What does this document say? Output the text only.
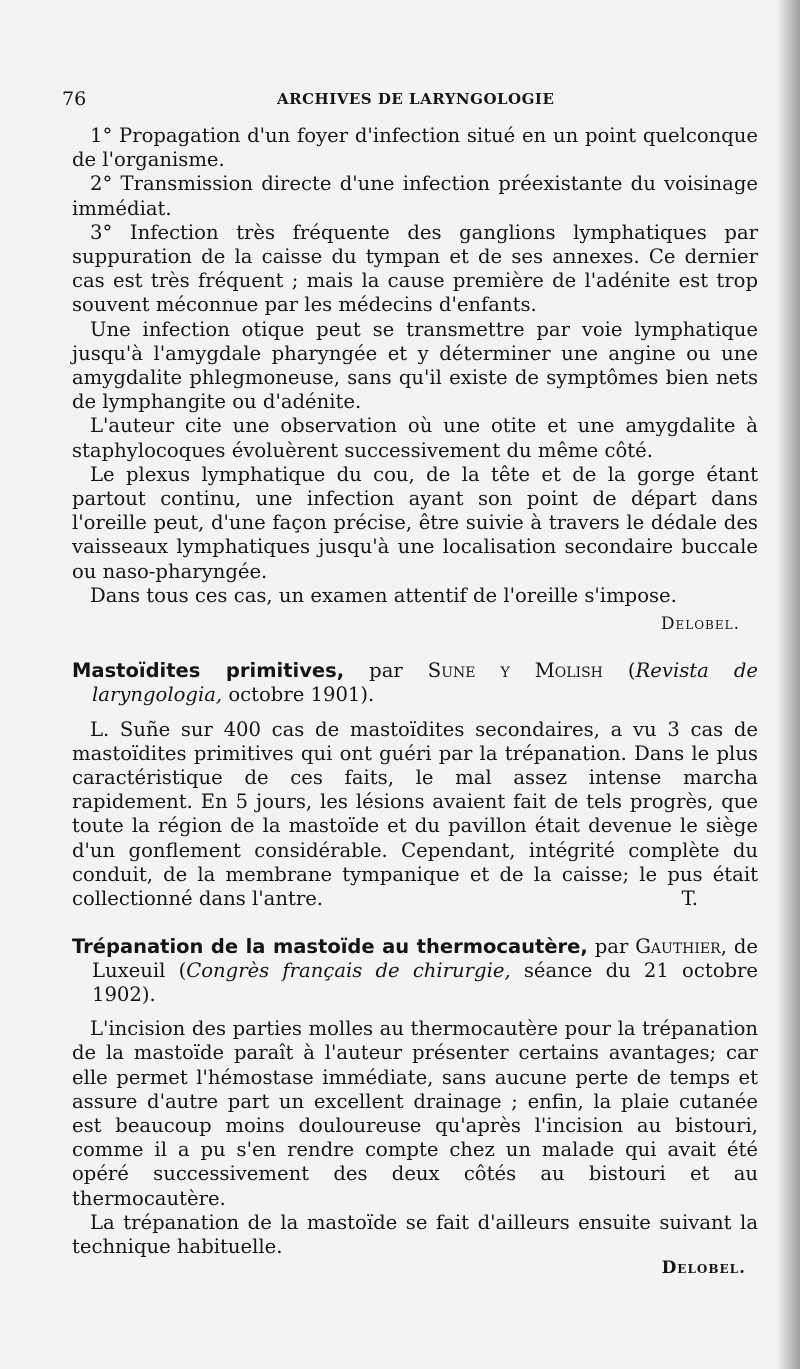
76	ARCHIVES DE LARYNGOLOGIE

1° Propagation d'un foyer d'infection situé en un point quelconque de l'organisme.

2° Transmission directe d'une infection préexistante du voisinage immédiat.

3° Infection très fréquente des ganglions lymphatiques par suppuration de la caisse du tympan et de ses annexes. Ce dernier cas est très fréquent ; mais la cause première de l'adénite est trop souvent méconnue par les médecins d'enfants.

Une infection otique peut se transmettre par voie lymphatique jusqu'à l'amygdale pharyngée et y déterminer une angine ou une amygdalite phlegmoneuse, sans qu'il existe de symptômes bien nets de lymphangite ou d'adénite.

L'auteur cite une observation où une otite et une amygdalite à staphylocoques évoluèrent successivement du même côté.

Le plexus lymphatique du cou, de la tête et de la gorge étant partout continu, une infection ayant son point de départ dans l'oreille peut, d'une façon précise, être suivie à travers le dédale des vaisseaux lymphatiques jusqu'à une localisation secondaire buccale ou naso-pharyngée.

Dans tous ces cas, un examen attentif de l'oreille s'impose.

Delobel.

Mastoïdites primitives, par Sune y Molish (Revista de laryngologia, octobre 1901).

L. Suñe sur 400 cas de mastoïdites secondaires, a vu 3 cas de mastoïdites primitives qui ont guéri par la trépanation. Dans le plus caractéristique de ces faits, le mal assez intense marcha rapidement. En 5 jours, les lésions avaient fait de tels progrès, que toute la région de la mastoïde et du pavillon était devenue le siège d'un gonflement considérable. Cependant, intégrité complète du conduit, de la membrane tympanique et de la caisse; le pus était collectionné dans l'antre.	T.

Trépanation de la mastoïde au thermocautère, par Gauthier, de Luxeuil (Congrès français de chirurgie, séance du 21 octobre 1902).

L'incision des parties molles au thermocautère pour la trépanation de la mastoïde paraît à l'auteur présenter certains avantages; car elle permet l'hémostase immédiate, sans aucune perte de temps et assure d'autre part un excellent drainage ; enfin, la plaie cutanée est beaucoup moins douloureuse qu'après l'incision au bistouri, comme il a pu s'en rendre compte chez un malade qui avait été opéré successivement des deux côtés au bistouri et au thermocautère.

La trépanation de la mastoïde se fait d'ailleurs ensuite suivant la technique habituelle.

Delobel.
